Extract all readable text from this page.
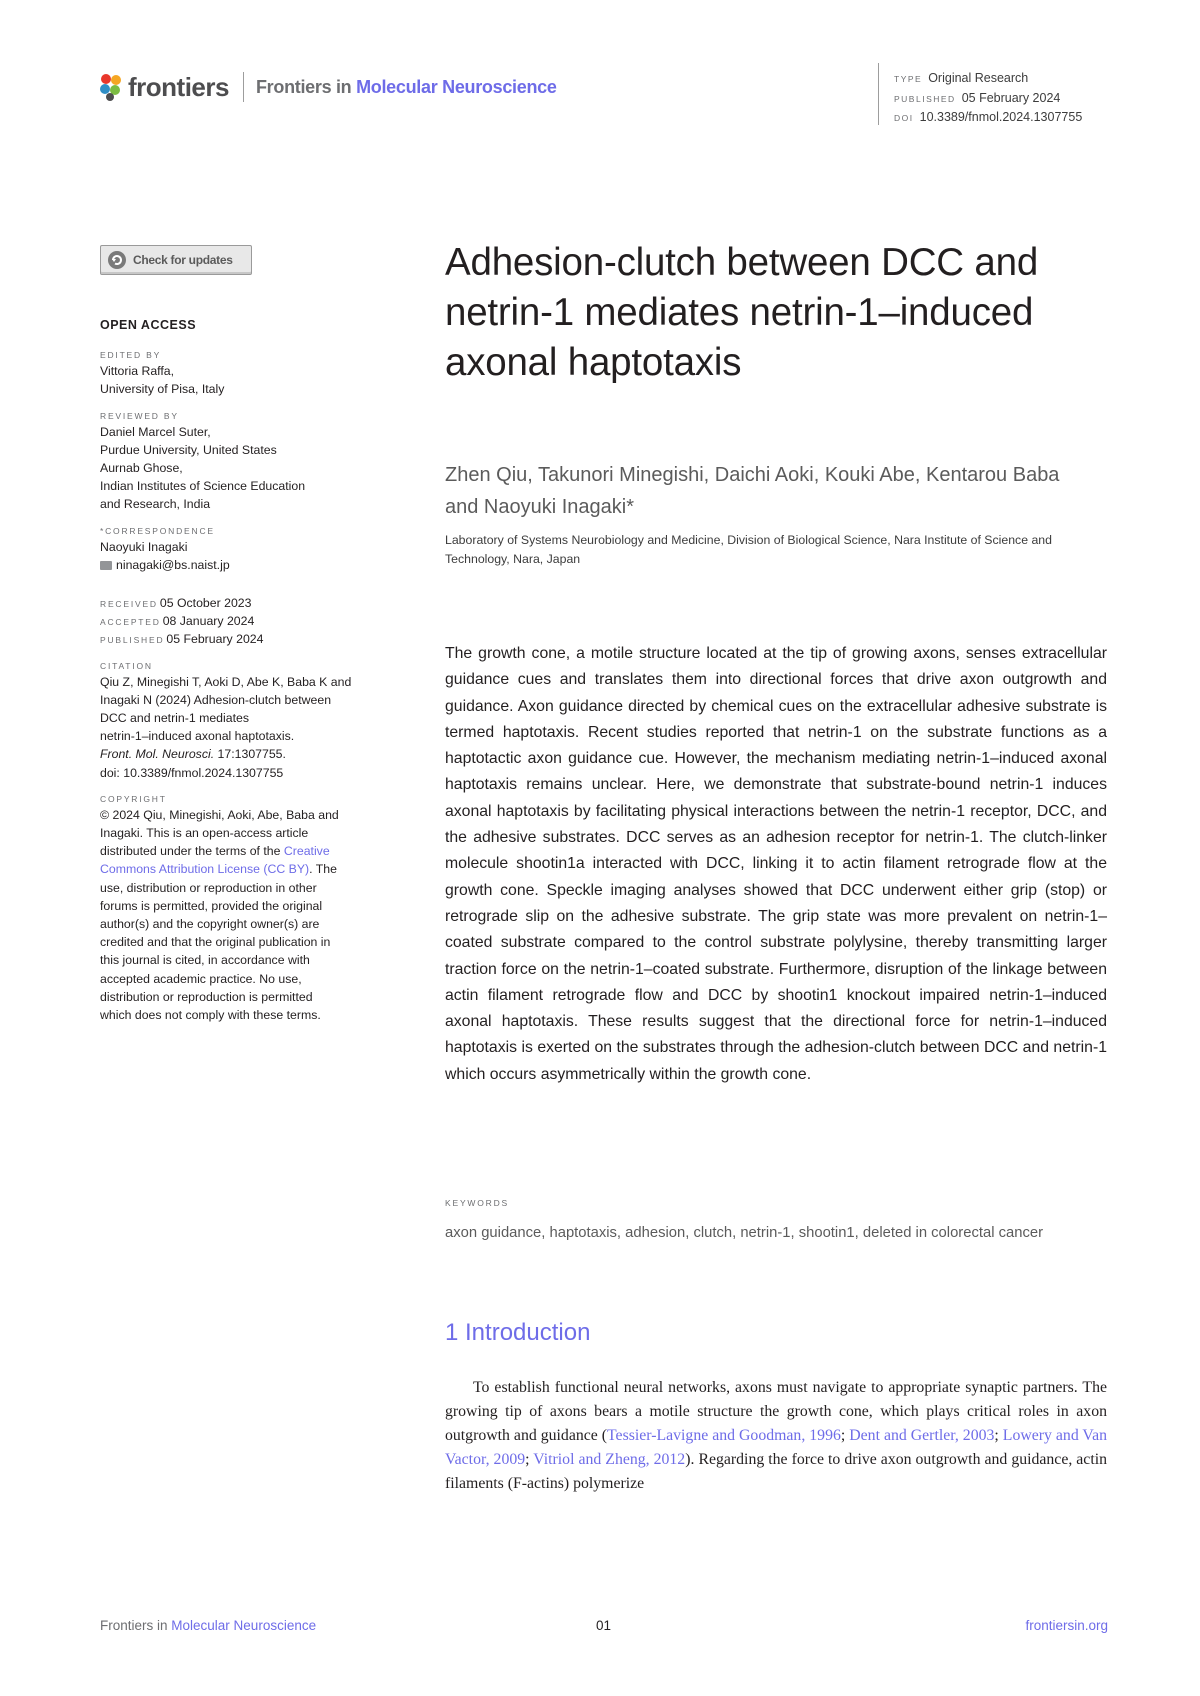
frontiers Frontiers in Molecular Neuroscience	TYPE Original Research
PUBLISHED 05 February 2024
DOI 10.3389/fnmol.2024.1307755
Check for updates
OPEN ACCESS
EDITED BY
Vittoria Raffa,
University of Pisa, Italy
REVIEWED BY
Daniel Marcel Suter,
Purdue University, United States
Aurnab Ghose,
Indian Institutes of Science Education
and Research, India
*CORRESPONDENCE
Naoyuki Inagaki
ninagaki@bs.naist.jp
RECEIVED 05 October 2023
ACCEPTED 08 January 2024
PUBLISHED 05 February 2024
CITATION
Qiu Z, Minegishi T, Aoki D, Abe K, Baba K and
Inagaki N (2024) Adhesion-clutch between
DCC and netrin-1 mediates
netrin-1–induced axonal haptotaxis.
Front. Mol. Neurosci. 17:1307755.
doi: 10.3389/fnmol.2024.1307755
COPYRIGHT
© 2024 Qiu, Minegishi, Aoki, Abe, Baba and
Inagaki. This is an open-access article
distributed under the terms of the Creative
Commons Attribution License (CC BY). The
use, distribution or reproduction in other
forums is permitted, provided the original
author(s) and the copyright owner(s) are
credited and that the original publication in
this journal is cited, in accordance with
accepted academic practice. No use,
distribution or reproduction is permitted
which does not comply with these terms.
Adhesion-clutch between DCC and netrin-1 mediates netrin-1–induced axonal haptotaxis
Zhen Qiu, Takunori Minegishi, Daichi Aoki, Kouki Abe, Kentarou Baba and Naoyuki Inagaki*
Laboratory of Systems Neurobiology and Medicine, Division of Biological Science, Nara Institute of Science and Technology, Nara, Japan
The growth cone, a motile structure located at the tip of growing axons, senses extracellular guidance cues and translates them into directional forces that drive axon outgrowth and guidance. Axon guidance directed by chemical cues on the extracellular adhesive substrate is termed haptotaxis. Recent studies reported that netrin-1 on the substrate functions as a haptotactic axon guidance cue. However, the mechanism mediating netrin-1–induced axonal haptotaxis remains unclear. Here, we demonstrate that substrate-bound netrin-1 induces axonal haptotaxis by facilitating physical interactions between the netrin-1 receptor, DCC, and the adhesive substrates. DCC serves as an adhesion receptor for netrin-1. The clutch-linker molecule shootin1a interacted with DCC, linking it to actin filament retrograde flow at the growth cone. Speckle imaging analyses showed that DCC underwent either grip (stop) or retrograde slip on the adhesive substrate. The grip state was more prevalent on netrin-1–coated substrate compared to the control substrate polylysine, thereby transmitting larger traction force on the netrin-1–coated substrate. Furthermore, disruption of the linkage between actin filament retrograde flow and DCC by shootin1 knockout impaired netrin-1–induced axonal haptotaxis. These results suggest that the directional force for netrin-1–induced haptotaxis is exerted on the substrates through the adhesion-clutch between DCC and netrin-1 which occurs asymmetrically within the growth cone.
KEYWORDS
axon guidance, haptotaxis, adhesion, clutch, netrin-1, shootin1, deleted in colorectal cancer
1 Introduction
To establish functional neural networks, axons must navigate to appropriate synaptic partners. The growing tip of axons bears a motile structure the growth cone, which plays critical roles in axon outgrowth and guidance (Tessier-Lavigne and Goodman, 1996; Dent and Gertler, 2003; Lowery and Van Vactor, 2009; Vitriol and Zheng, 2012). Regarding the force to drive axon outgrowth and guidance, actin filaments (F-actins) polymerize
Frontiers in Molecular Neuroscience	01	frontiersin.org
